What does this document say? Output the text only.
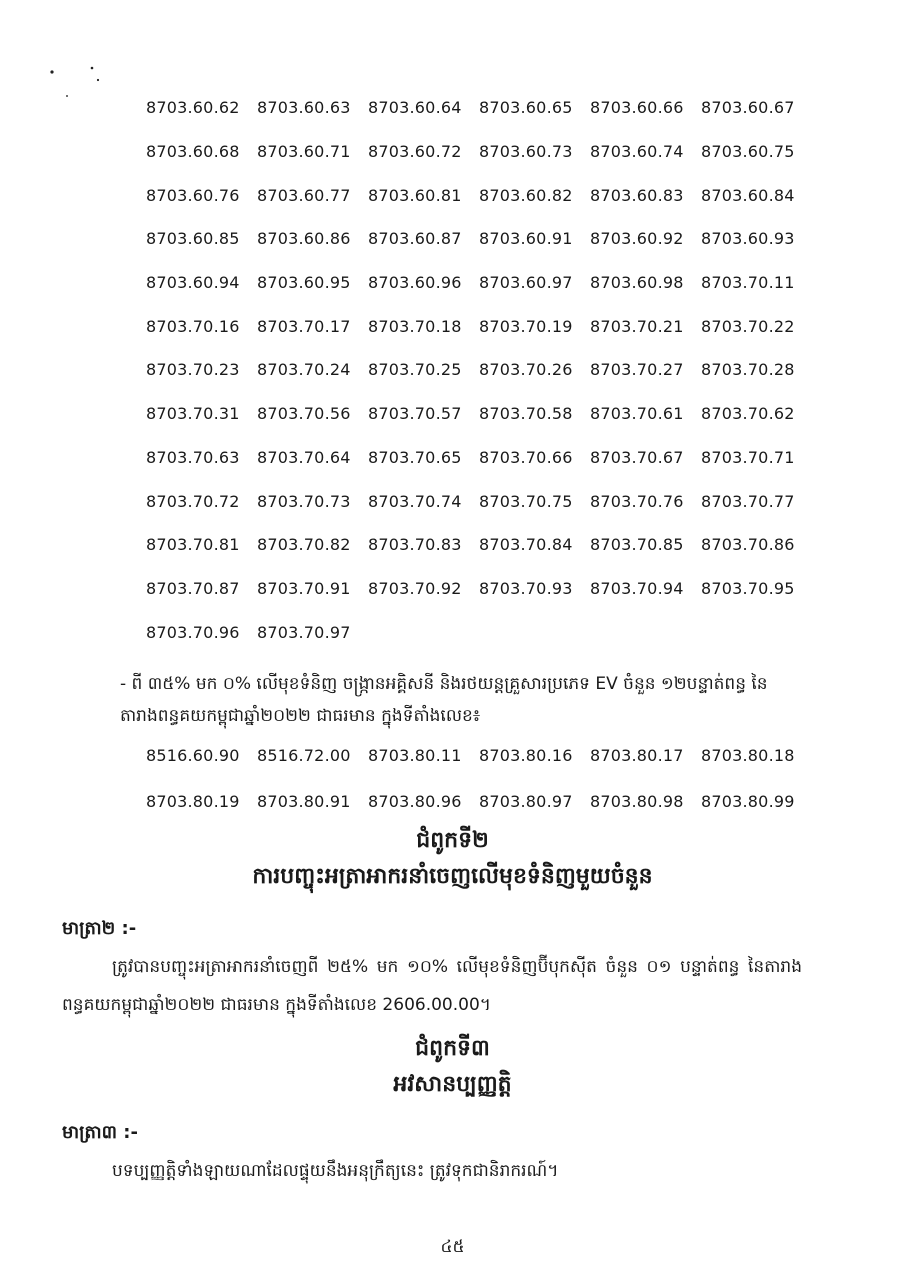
8703.60.62	8703.60.63	8703.60.64	8703.60.65	8703.60.66	8703.60.67
8703.60.68	8703.60.71	8703.60.72	8703.60.73	8703.60.74	8703.60.75
8703.60.76	8703.60.77	8703.60.81	8703.60.82	8703.60.83	8703.60.84
8703.60.85	8703.60.86	8703.60.87	8703.60.91	8703.60.92	8703.60.93
8703.60.94	8703.60.95	8703.60.96	8703.60.97	8703.60.98	8703.70.11
8703.70.16	8703.70.17	8703.70.18	8703.70.19	8703.70.21	8703.70.22
8703.70.23	8703.70.24	8703.70.25	8703.70.26	8703.70.27	8703.70.28
8703.70.31	8703.70.56	8703.70.57	8703.70.58	8703.70.61	8703.70.62
8703.70.63	8703.70.64	8703.70.65	8703.70.66	8703.70.67	8703.70.71
8703.70.72	8703.70.73	8703.70.74	8703.70.75	8703.70.76	8703.70.77
8703.70.81	8703.70.82	8703.70.83	8703.70.84	8703.70.85	8703.70.86
8703.70.87	8703.70.91	8703.70.92	8703.70.93	8703.70.94	8703.70.95
8703.70.96	8703.70.97
- ពី ៣៥% មក ០% លើមុខទំនិញ ចង្រ្កានអគ្គិសនី និងរថយន្តគ្រួសារប្រភេទ EV ចំនួន ១២បន្ទាត់ពន្ធ នៃតារាងពន្ធគយកម្ពុជាឆ្នាំ២០២២ ជាធរមាន ក្នុងទីតាំងលេខ៖
8516.60.90	8516.72.00	8703.80.11	8703.80.16	8703.80.17	8703.80.18
8703.80.19	8703.80.91	8703.80.96	8703.80.97	8703.80.98	8703.80.99
ជំពូកទី២
ការបញ្ចុះអត្រាអាករនាំចេញលើមុខទំនិញមួយចំនួន
មាត្រា២ :-
ត្រូវបានបញ្ចុះអត្រាអាករនាំចេញពី ២៥% មក ១០% លើមុខទំនិញប៊ីបុកស៊ីត ចំនួន ០១ បន្ទាត់ពន្ធ នៃតារាងពន្ធគយកម្ពុជាឆ្នាំ២០២២ ជាធរមាន ក្នុងទីតាំងលេខ 2606.00.00។
ជំពូកទី៣
អវសានប្បញ្ញត្តិ
មាត្រា៣ :-
បទប្បញ្ញត្តិទាំងឡាយណាដែលផ្ទុយនឹងអនុក្រឹត្យនេះ ត្រូវទុកជានិរាករណ៍។
៤៥
